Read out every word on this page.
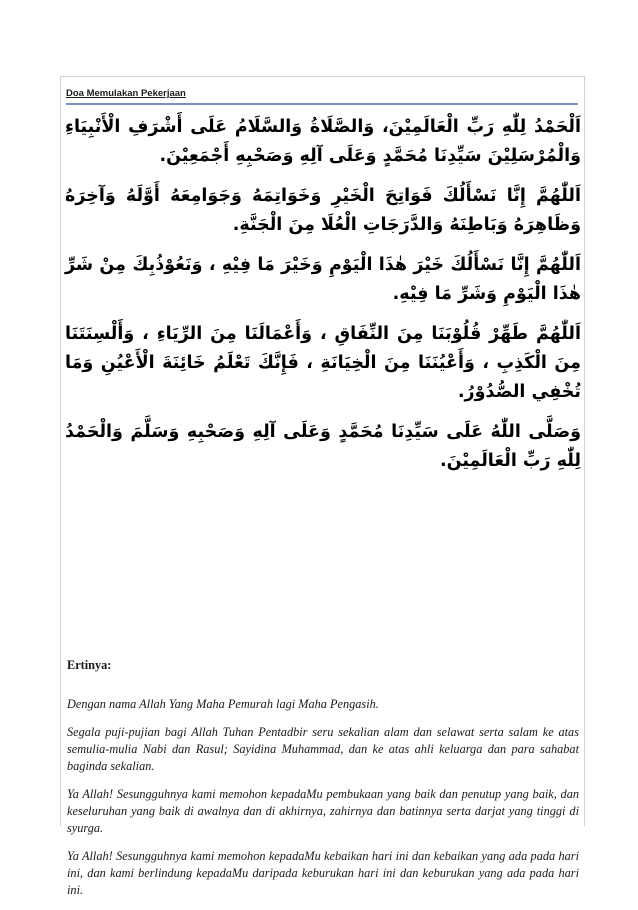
Doa Memulakan Pekerjaan

اَلْحَمْدُ لِلّٰهِ رَبِّ الْعَالَمِيْنَ، وَالصَّلَاةُ وَالسَّلَامُ عَلَى أَشْرَفِ الْأَنْبِيَاءِ وَالْمُرْسَلِيْنَ سَيِّدِنَا مُحَمَّدٍ وَعَلَى آلِهِ وَصَحْبِهِ أَجْمَعِيْنَ.

اَللّٰهُمَّ إِنَّا نَسْأَلُكَ فَوَاتِحَ الْخَيْرِ وَخَوَاتِمَهُ وَجَوَامِعَهُ أَوَّلَهُ وَآخِرَهُ وَظَاهِرَهُ وَبَاطِنَهُ وَالدَّرَجَاتِ الْعُلَا مِنَ الْجَنَّةِ.

اَللّٰهُمَّ إِنَّا نَسْأَلُكَ خَيْرَ هٰذَا الْيَوْمِ وَخَيْرَ مَا فِيْهِ ، وَنَعُوْذُبِكَ مِنْ شَرِّ هٰذَا الْيَوْمِ وَشَرِّ مَا فِيْهِ.

اَللّٰهُمَّ طَهِّرْ قُلُوْبَنَا مِنَ النِّفَاقِ ، وَأَعْمَالَنَا مِنَ الرِّيَاءِ ، وَأَلْسِنَتَنَا مِنَ الْكَذِبِ ، وَأَعْيُنَنَا مِنَ الْخِيَانَةِ ، فَإِنَّكَ تَعْلَمُ خَائِنَةَ الْأَعْيُنِ وَمَا تُخْفِي الصُّدُوْرُ.

وَصَلَّى اللّٰهُ عَلَى سَيِّدِنَا مُحَمَّدٍ وَعَلَى آلِهِ وَصَحْبِهِ وَسَلَّمَ وَالْحَمْدُ لِلّٰهِ رَبِّ الْعَالَمِيْنَ.

Ertinya:

Dengan nama Allah Yang Maha Pemurah lagi Maha Pengasih.

Segala puji-pujian bagi Allah Tuhan Pentadbir seru sekalian alam dan selawat serta salam ke atas semulia-mulia Nabi dan Rasul; Sayidina Muhammad, dan ke atas ahli keluarga dan para sahabat baginda sekalian.

Ya Allah! Sesungguhnya kami memohon kepadaMu pembukaan yang baik dan penutup yang baik, dan keseluruhan yang baik di awalnya dan di akhirnya, zahirnya dan batinnya serta darjat yang tinggi di syurga.

Ya Allah! Sesungguhnya kami memohon kepadaMu kebaikan hari ini dan kebaikan yang ada pada hari ini, dan kami berlindung kepadaMu daripada keburukan hari ini dan keburukan yang ada pada hari ini.
